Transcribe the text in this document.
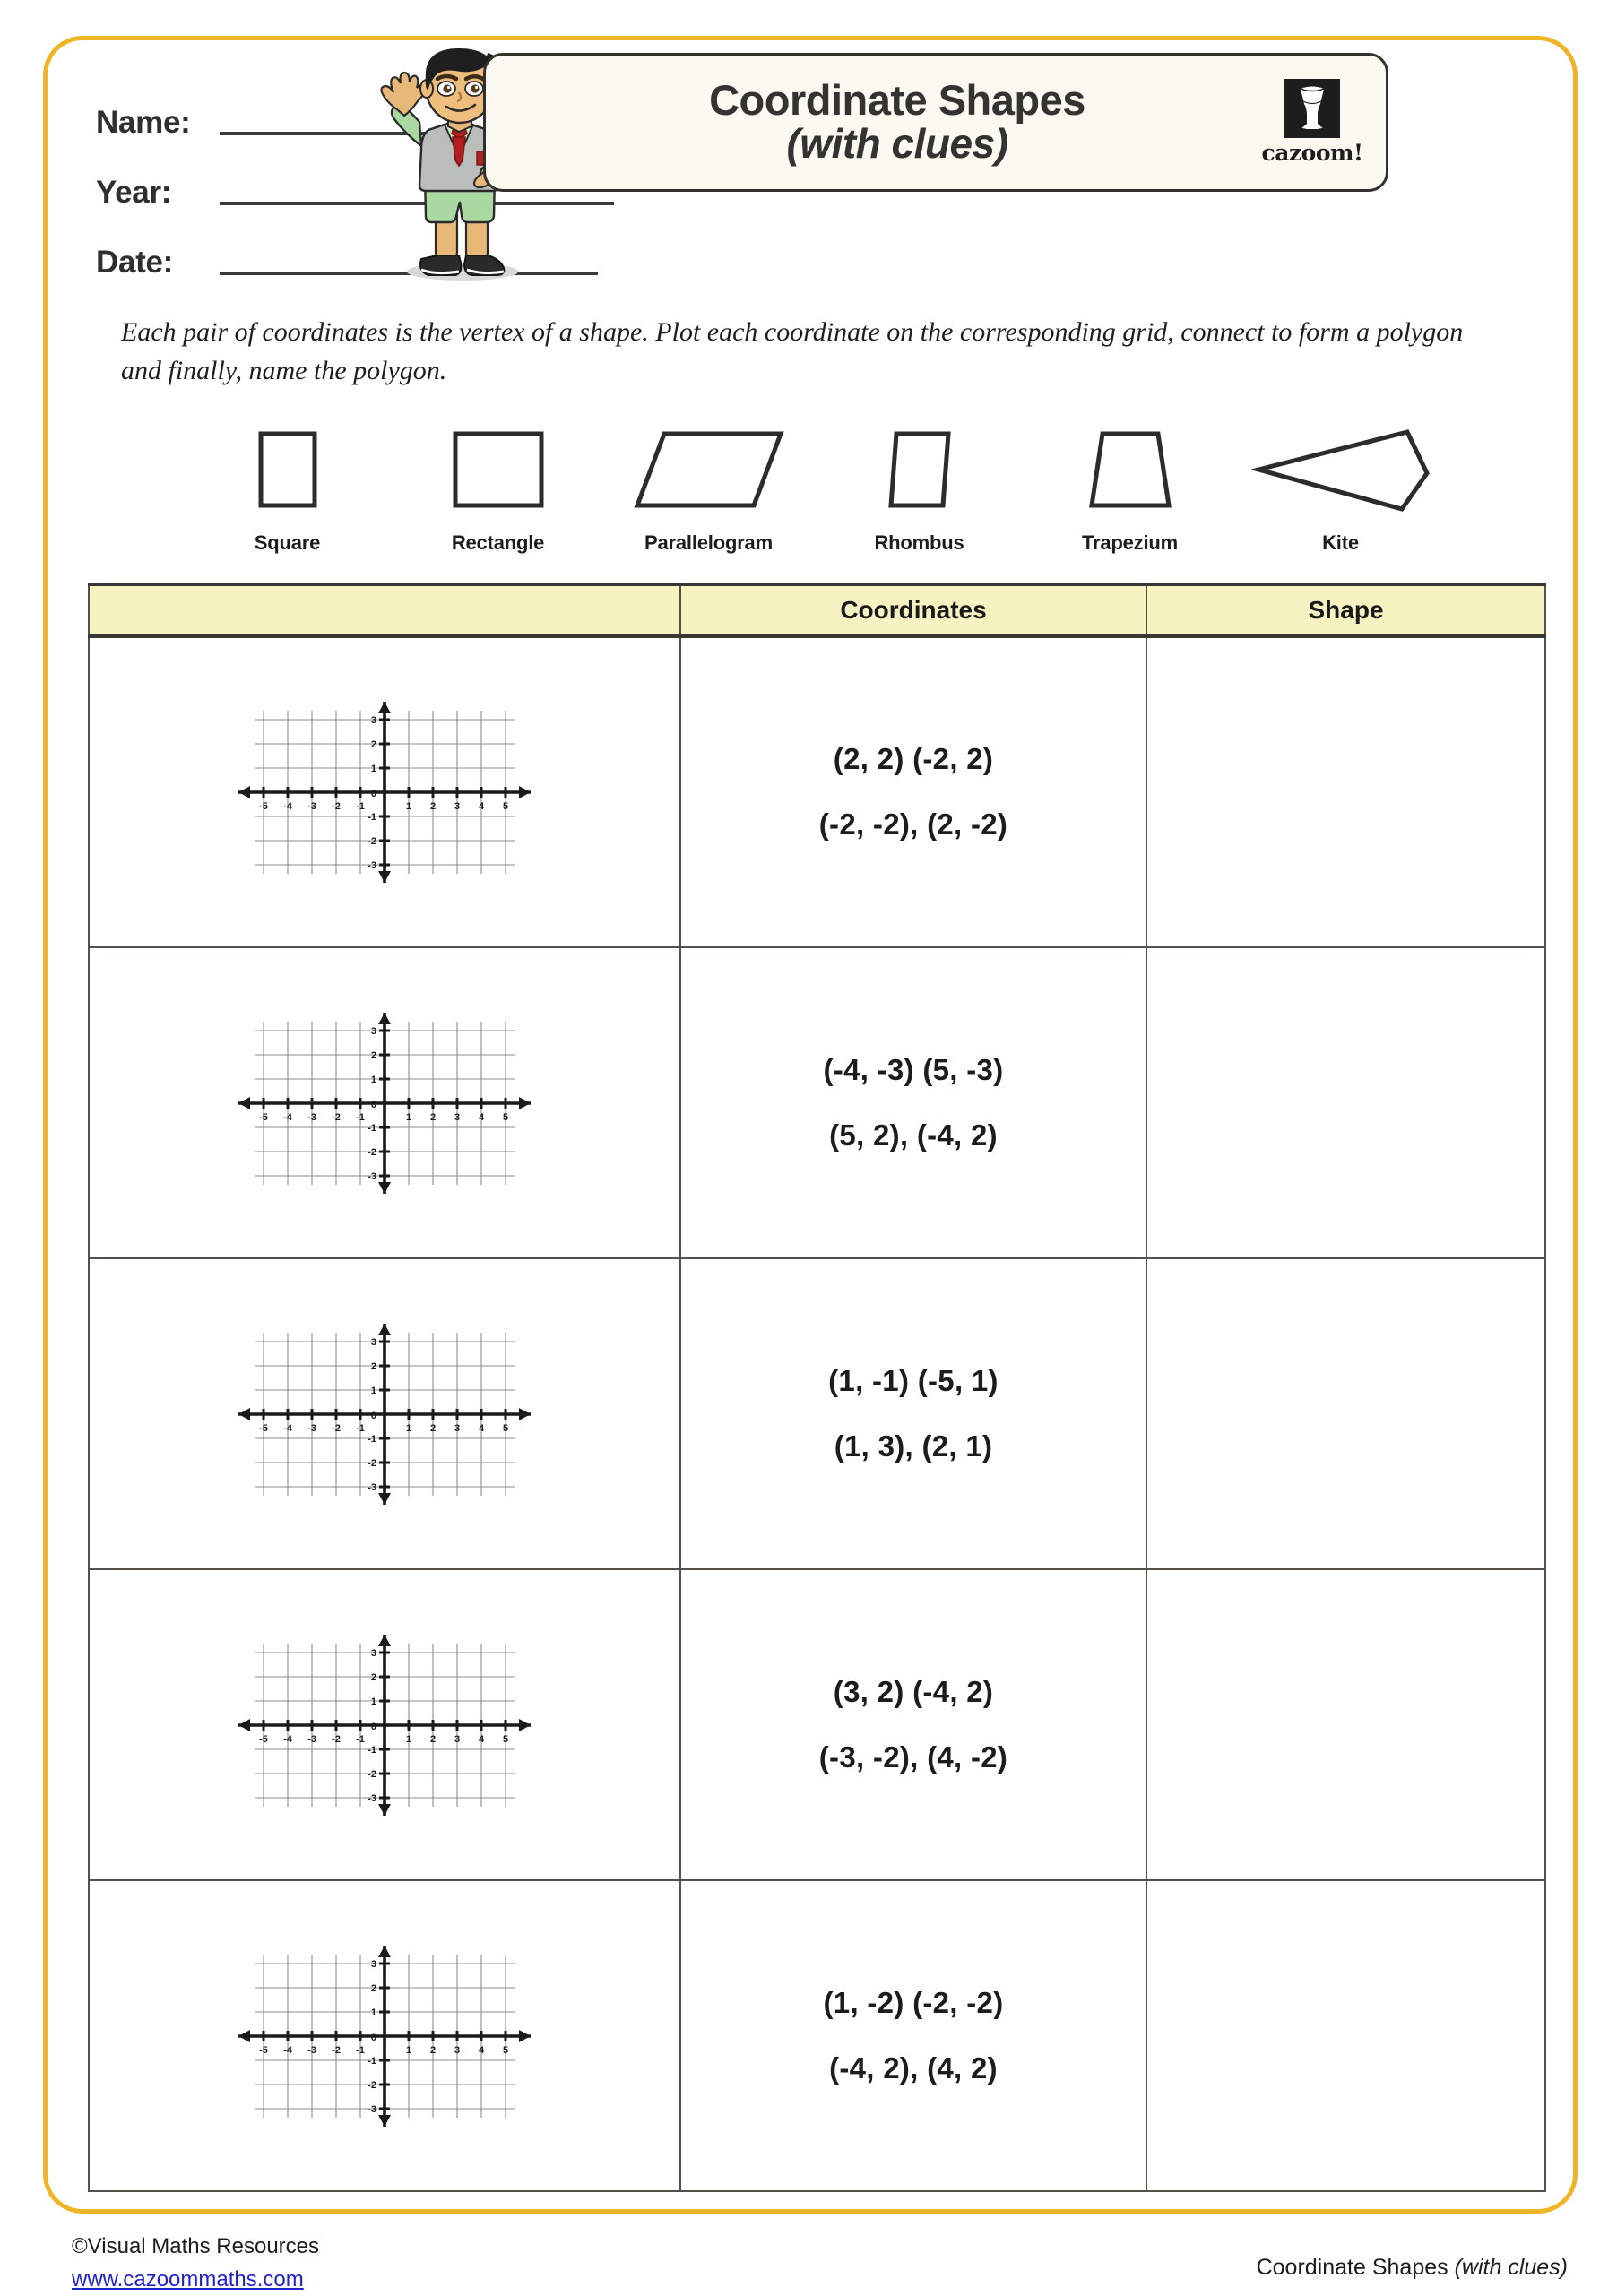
Name:
Year:
Date:
Coordinate Shapes
(with clues)	cazoom!
Each pair of coordinates is the vertex of a shape. Plot each coordinate on the corresponding grid, connect to form a polygon and finally, name the polygon.
Square	Rectangle	Parallelogram	Rhombus	Trapezium	Kite
	Coordinates	Shape

-5 -4 -3 -2 -1	1 2 3 4 5
3
2
1
-1
-2
-3
0

(2, 2) (-2, 2)
(-2, -2), (2, -2)

-5 -4 -3 -2 -1	1 2 3 4 5
3
2
1
-1
-2
-3
0

(-4, -3) (5, -3)
(5, 2), (-4, 2)

-5 -4 -3 -2 -1	1 2 3 4 5
3
2
1
-1
-2
-3
0

(1, -1) (-5, 1)
(1, 3), (2, 1)

-5 -4 -3 -2 -1	1 2 3 4 5
3
2
1
-1
-2
-3
0

(3, 2) (-4, 2)
(-3, -2), (4, -2)

-5 -4 -3 -2 -1	1 2 3 4 5
3
2
1
-1
-2
-3
0

(1, -2) (-2, -2)
(-4, 2), (4, 2)

©Visual Maths Resources
www.cazoommaths.com	Coordinate Shapes (with clues)
